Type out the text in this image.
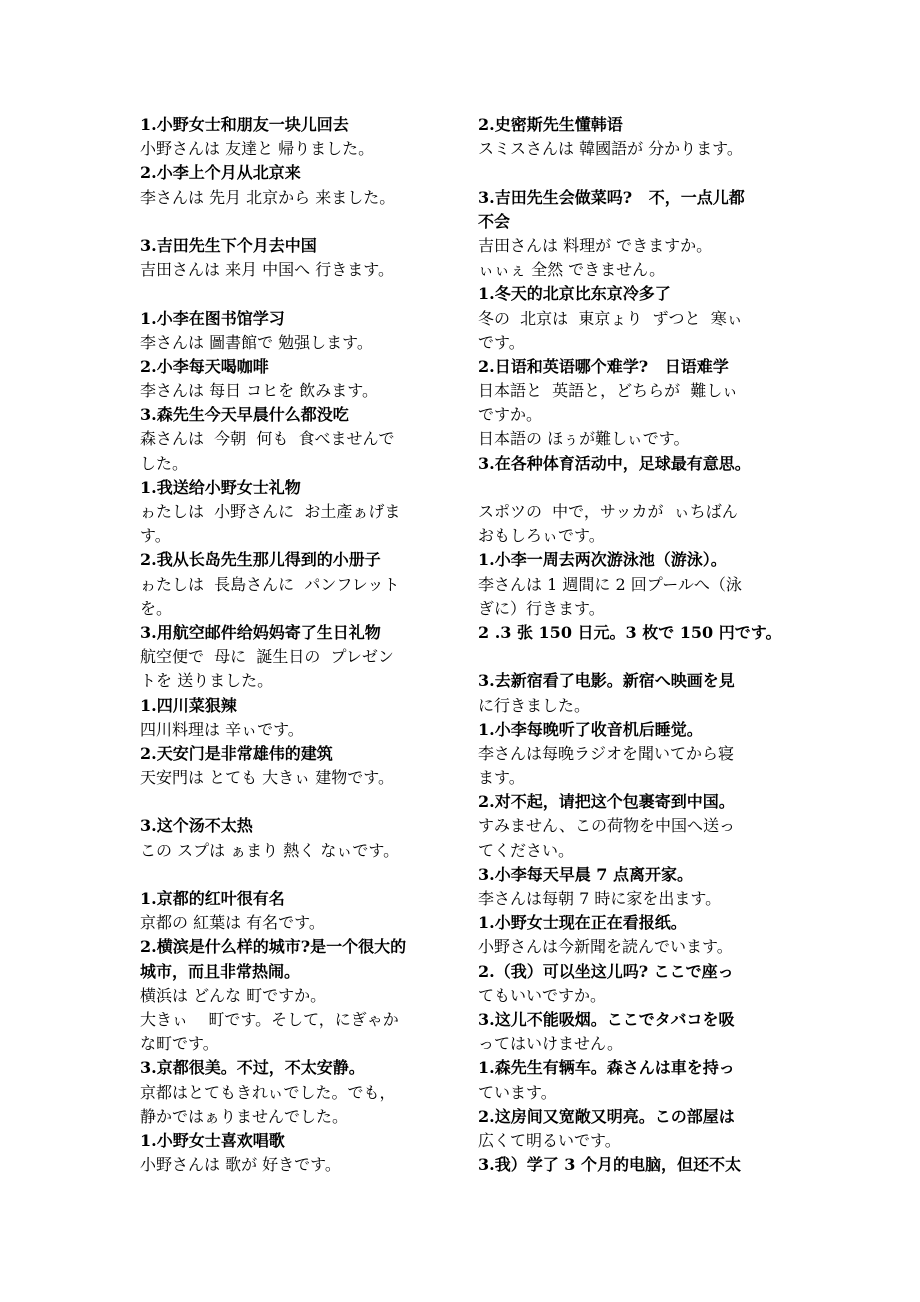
1.小野女士和朋友一块儿回去
小野さんは 友達と 帰りました。
2.小李上个月从北京来
李さんは 先月 北京から 来ました。
3.吉田先生下个月去中国
吉田さんは 来月 中国へ 行きます。
1.小李在图书馆学习
李さんは 圖書館で 勉强します。
2.小李每天喝咖啡
李さんは 每日 コヒを 飲みます。
3.森先生今天早晨什么都没吃
森さんは  今朝  何も  食べませんで
した。
1.我送给小野女士礼物
ゎたしは  小野さんに  お土產ぁげま
す。
2.我从长岛先生那儿得到的小册子
ゎたしは  長島さんに  パンフレット
を。
3.用航空邮件给妈妈寄了生日礼物
航空便で  母に  誕生日の  プレゼン
トを 送りました。
1.四川菜狠辣
四川料理は 辛ぃです。
2.天安门是非常雄伟的建筑
天安門は とても 大きぃ 建物です。
3.这个汤不太热
この スプは ぁまり 熱く なぃです。
1.京都的红叶很有名
京都の 紅葉は 有名です。
2.横滨是什么样的城市?是一个很大的
城市，而且非常热闹。
横浜は どんな 町ですか。
大きぃ    町です。そして，にぎゃか
な町です。
3.京都很美。不过，不太安静。
京都はとてもきれぃでした。でも，
静かではぁりませんでした。
1.小野女士喜欢唱歌
小野さんは 歌が 好きです。
2.史密斯先生懂韩语
スミスさんは 韓國語が 分かります。
3.吉田先生会做菜吗?   不，一点儿都
不会
吉田さんは 料理が できますか。
ぃぃぇ 全然 できません。
1.冬天的北京比东京冷多了
冬の  北京は  東京ょり  ずつと  寒ぃ
です。
2.日语和英语哪个难学?   日语难学
日本語と  英語と，どちらが  難しぃ
ですか。
日本語の ほぅが難しぃです。
3.在各种体育活动中，足球最有意思。
スポツの  中で，サッカが  ぃちばん
おもしろぃです。
1.小李一周去两次游泳池（游泳）。
李さんは 1 週間に 2 回プールへ（泳
ぎに）行きます。
2 .3 张 150 日元。3 枚で 150 円です。
3.去新宿看了电影。新宿へ映画を見
に行きました。
1.小李每晚听了收音机后睡觉。
李さんは每晚ラジオを聞いてから寝
ます。
2.对不起，请把这个包裹寄到中国。
すみません、この荷物を中国へ送っ
てください。
3.小李每天早晨 7 点离开家。
李さんは每朝 7 時に家を出ます。
1.小野女士现在正在看报纸。
小野さんは今新聞を読んでいます。
2.（我）可以坐这儿吗? ここで座っ
てもいいですか。
3.这儿不能吸烟。ここでタバコを吸
ってはいけません。
1.森先生有辆车。森さんは車を持っ
ています。
2.这房间又宽敞又明亮。この部屋は
広くて明るいです。
3.我）学了 3 个月的电脑，但还不太
